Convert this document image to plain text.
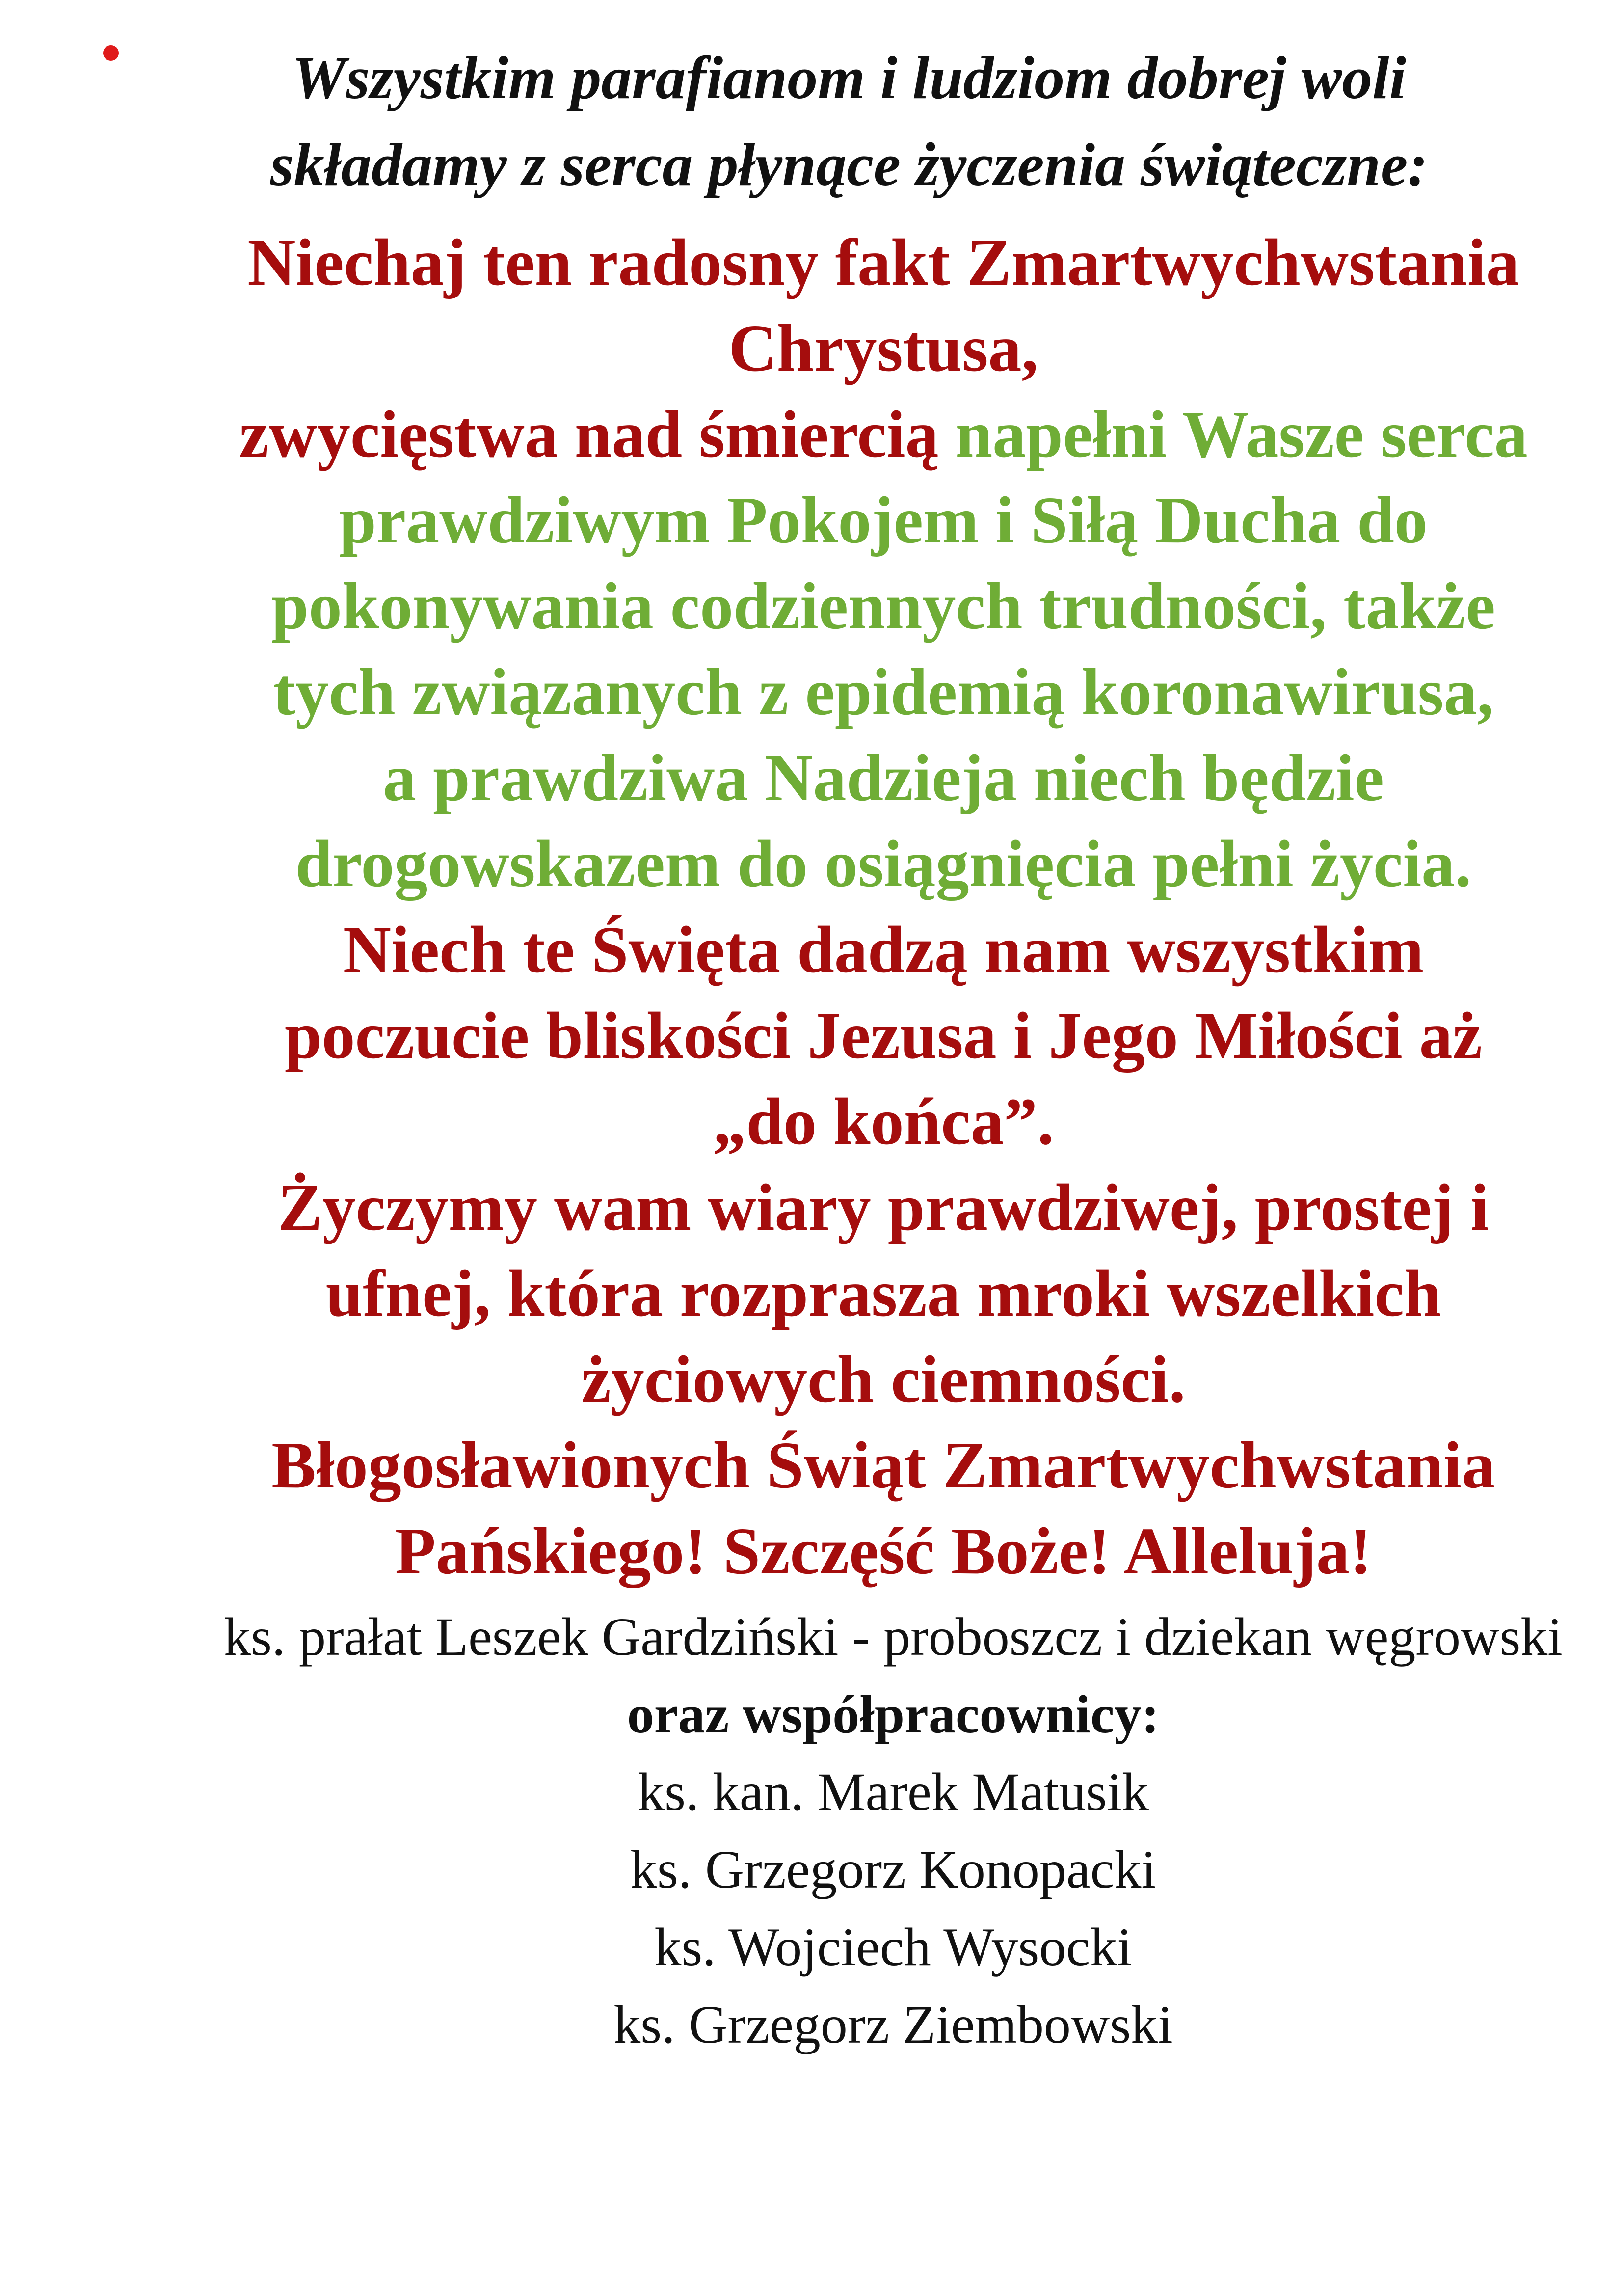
Wszystkim parafianom i ludziom dobrej woli
składamy z serca płynące życzenia świąteczne:

Niechaj ten radosny fakt Zmartwychwstania
Chrystusa,
zwycięstwa nad śmiercią napełni Wasze serca
prawdziwym Pokojem i Siłą Ducha do
pokonywania codziennych trudności, także
tych związanych z epidemią koronawirusa,
a prawdziwa Nadzieja niech będzie
drogowskazem do osiągnięcia pełni życia.
Niech te Święta dadzą nam wszystkim
poczucie bliskości Jezusa i Jego Miłości aż
„do końca”.
Życzymy wam wiary prawdziwej, prostej i
ufnej, która rozprasza mroki wszelkich
życiowych ciemności.
Błogosławionych Świąt Zmartwychwstania
Pańskiego! Szczęść Boże! Alleluja!

ks. prałat Leszek Gardziński - proboszcz i dziekan węgrowski
oraz współpracownicy:
ks. kan. Marek Matusik
ks. Grzegorz Konopacki
ks. Wojciech Wysocki
ks. Grzegorz Ziembowski
